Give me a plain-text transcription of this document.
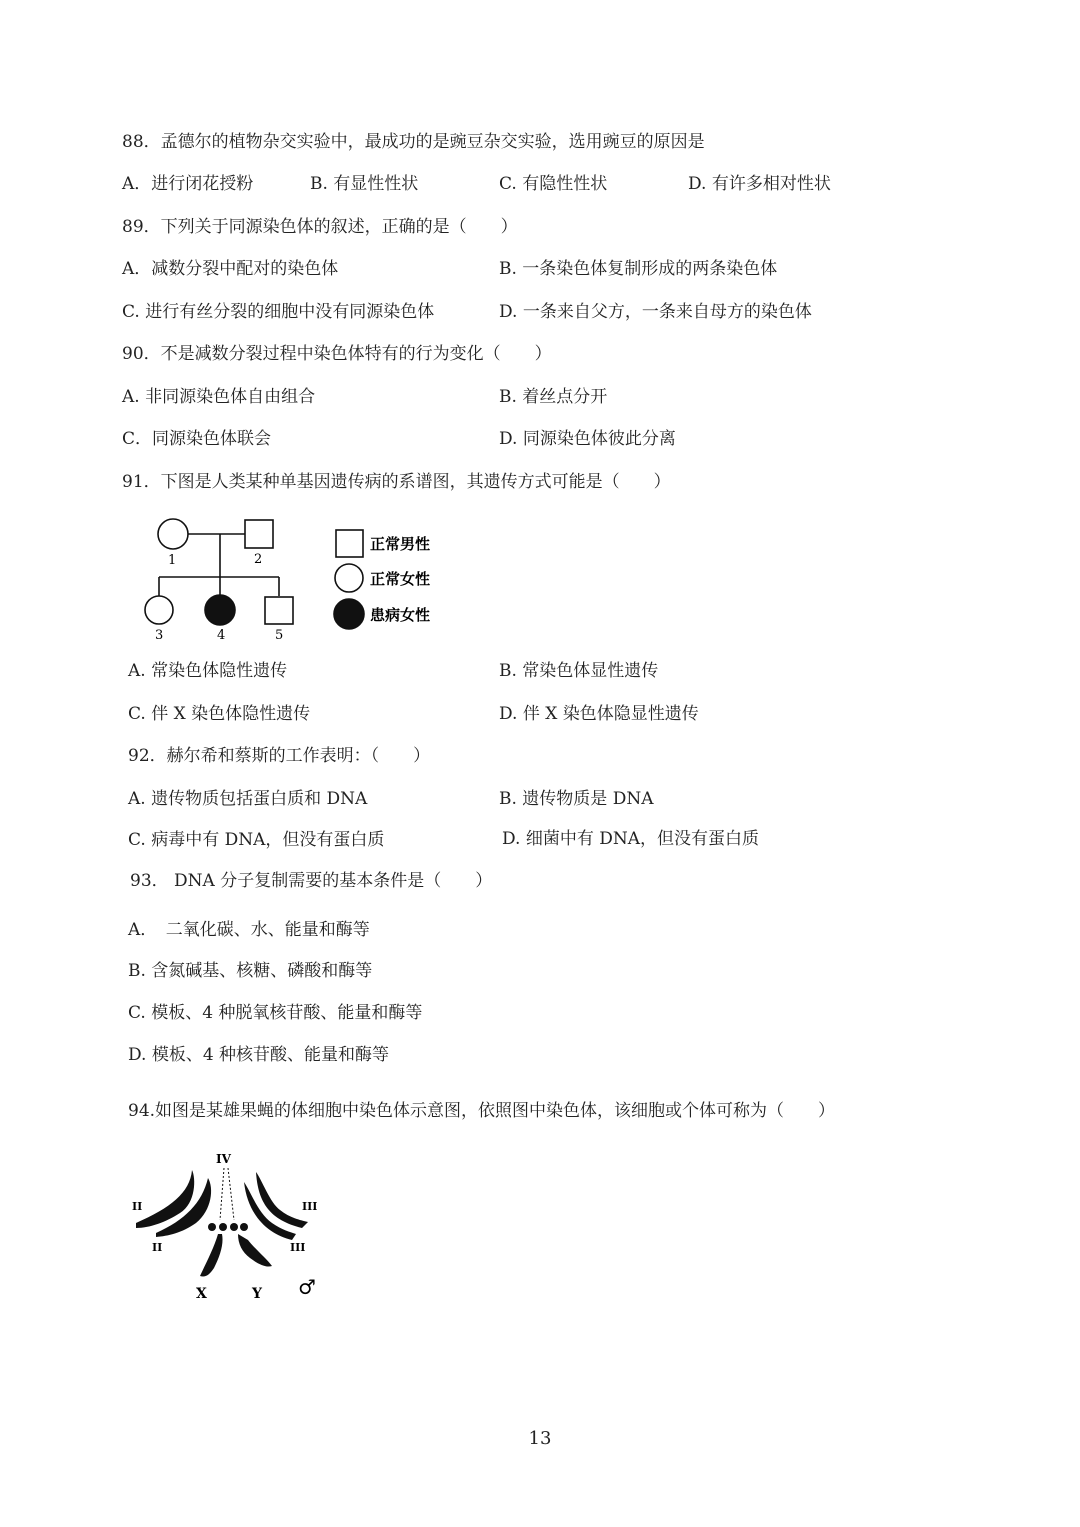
88．孟德尔的植物杂交实验中，最成功的是豌豆杂交实验，选用豌豆的原因是
A．进行闭花授粉	B. 有显性性状	C. 有隐性性状	D. 有许多相对性状
89．下列关于同源染色体的叙述，正确的是（　　）
A．减数分裂中配对的染色体	B. 一条染色体复制形成的两条染色体
C. 进行有丝分裂的细胞中没有同源染色体	D. 一条来自父方，一条来自母方的染色体
90．不是减数分裂过程中染色体特有的行为变化（　　）
A. 非同源染色体自由组合	B. 着丝点分开
C．同源染色体联会	D. 同源染色体彼此分离
91．下图是人类某种单基因遗传病的系谱图，其遗传方式可能是（　　）
1	2
3	4	5
正常男性
正常女性
患病女性
A. 常染色体隐性遗传	B. 常染色体显性遗传
C. 伴 X 染色体隐性遗传	D. 伴 X 染色体隐显性遗传
92．赫尔希和蔡斯的工作表明：（　　）
A. 遗传物质包括蛋白质和 DNA	B. 遗传物质是 DNA
C. 病毒中有 DNA，但没有蛋白质	D. 细菌中有 DNA，但没有蛋白质
93． DNA 分子复制需要的基本条件是（　　）
A．　二氧化碳、水、能量和酶等
B. 含氮碱基、核糖、磷酸和酶等
C. 模板、4 种脱氧核苷酸、能量和酶等
D. 模板、4 种核苷酸、能量和酶等
94.如图是某雄果蝇的体细胞中染色体示意图，依照图中染色体，该细胞或个体可称为（　　）
IV
II	III
II	III
X	Y ♂
13
